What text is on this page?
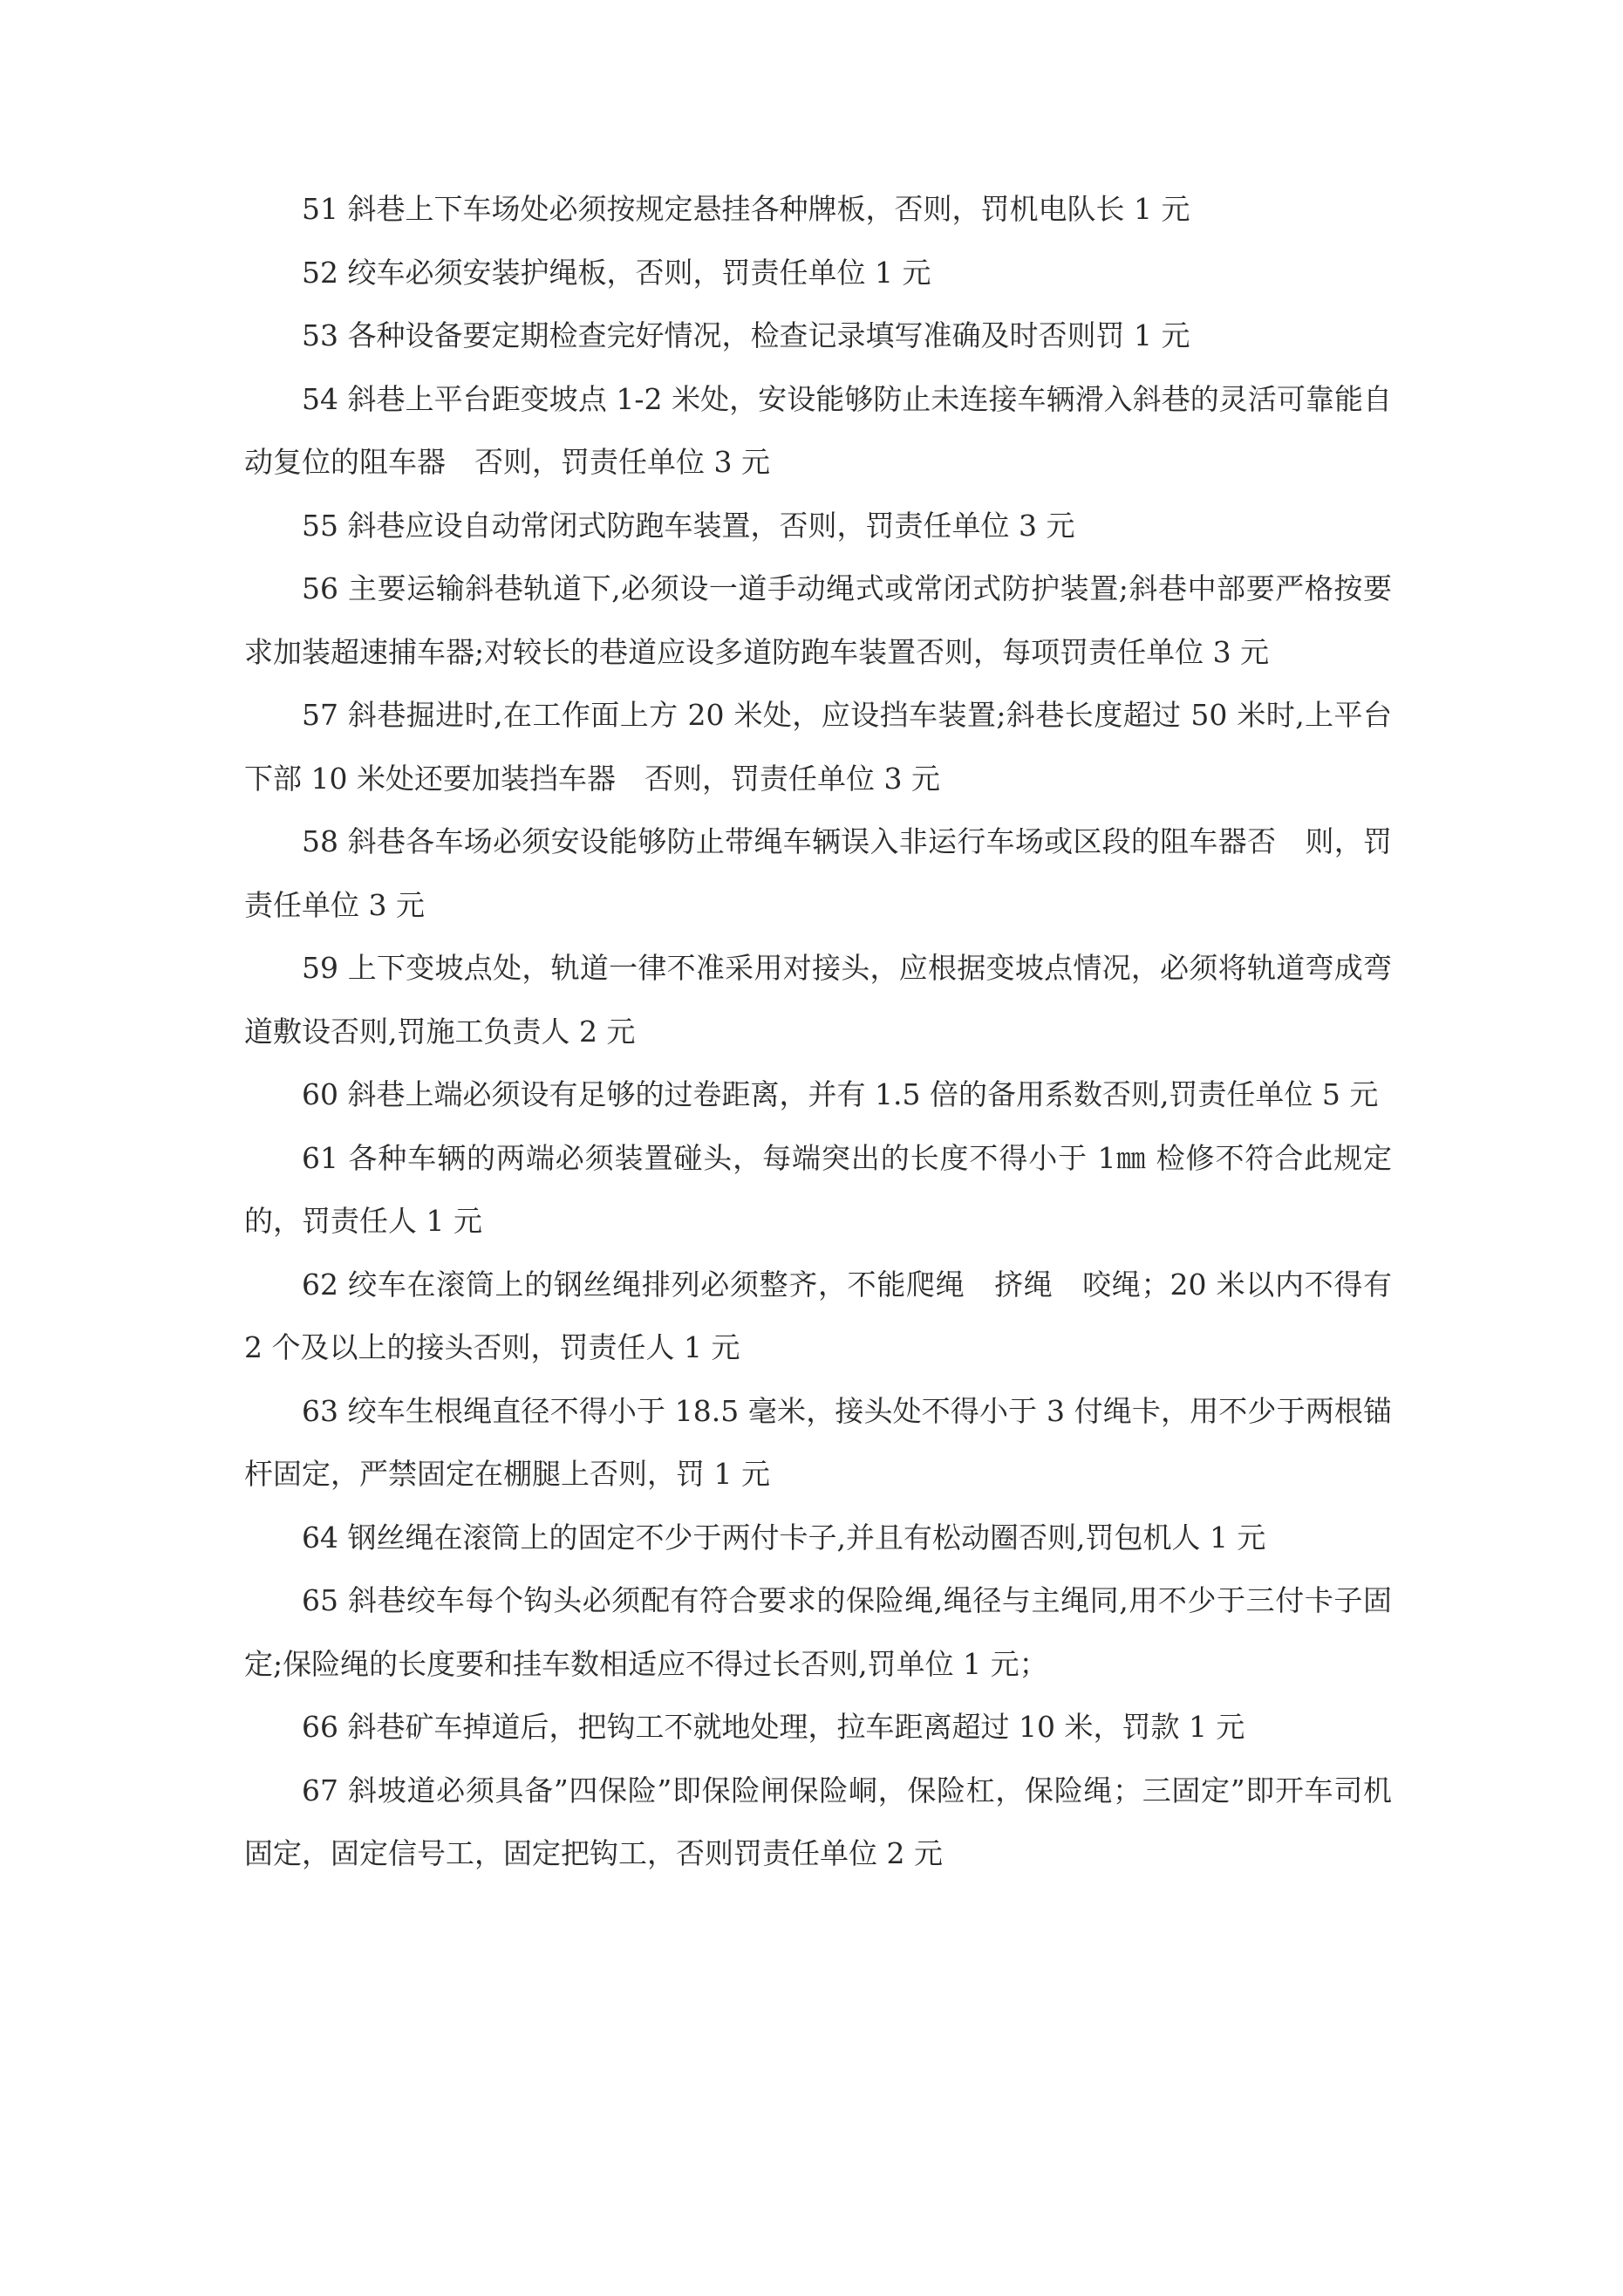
51 斜巷上下车场处必须按规定悬挂各种牌板，否则，罚机电队长 1 元

52 绞车必须安装护绳板，否则，罚责任单位 1 元

53 各种设备要定期检查完好情况，检查记录填写准确及时否则罚 1 元

54 斜巷上平台距变坡点 1-2 米处，安设能够防止未连接车辆滑入斜巷的灵活可靠能自动复位的阻车器　否则，罚责任单位 3 元

55 斜巷应设自动常闭式防跑车装置，否则，罚责任单位 3 元

56 主要运输斜巷轨道下,必须设一道手动绳式或常闭式防护装置;斜巷中部要严格按要求加装超速捕车器;对较长的巷道应设多道防跑车装置否则，每项罚责任单位 3 元

57 斜巷掘进时,在工作面上方 20 米处，应设挡车装置;斜巷长度超过 50 米时,上平台下部 10 米处还要加装挡车器　否则，罚责任单位 3 元

58 斜巷各车场必须安设能够防止带绳车辆误入非运行车场或区段的阻车器否　则，罚责任单位 3 元

59 上下变坡点处，轨道一律不准采用对接头，应根据变坡点情况，必须将轨道弯成弯道敷设否则,罚施工负责人 2 元

60 斜巷上端必须设有足够的过卷距离，并有 1.5 倍的备用系数否则,罚责任单位 5 元

61 各种车辆的两端必须装置碰头，每端突出的长度不得小于 1㎜ 检修不符合此规定的，罚责任人 1 元

62 绞车在滚筒上的钢丝绳排列必须整齐，不能爬绳　挤绳　咬绳；20 米以内不得有 2 个及以上的接头否则，罚责任人 1 元

63 绞车生根绳直径不得小于 18.5 毫米，接头处不得小于 3 付绳卡，用不少于两根锚杆固定，严禁固定在棚腿上否则，罚 1 元

64 钢丝绳在滚筒上的固定不少于两付卡子,并且有松动圈否则,罚包机人 1 元

65 斜巷绞车每个钩头必须配有符合要求的保险绳,绳径与主绳同,用不少于三付卡子固定;保险绳的长度要和挂车数相适应不得过长否则,罚单位 1 元；

66 斜巷矿车掉道后，把钩工不就地处理，拉车距离超过 10 米，罚款 1 元

67 斜坡道必须具备”四保险”即保险闸保险峒，保险杠，保险绳；三固定”即开车司机固定，固定信号工，固定把钩工，否则罚责任单位 2 元
